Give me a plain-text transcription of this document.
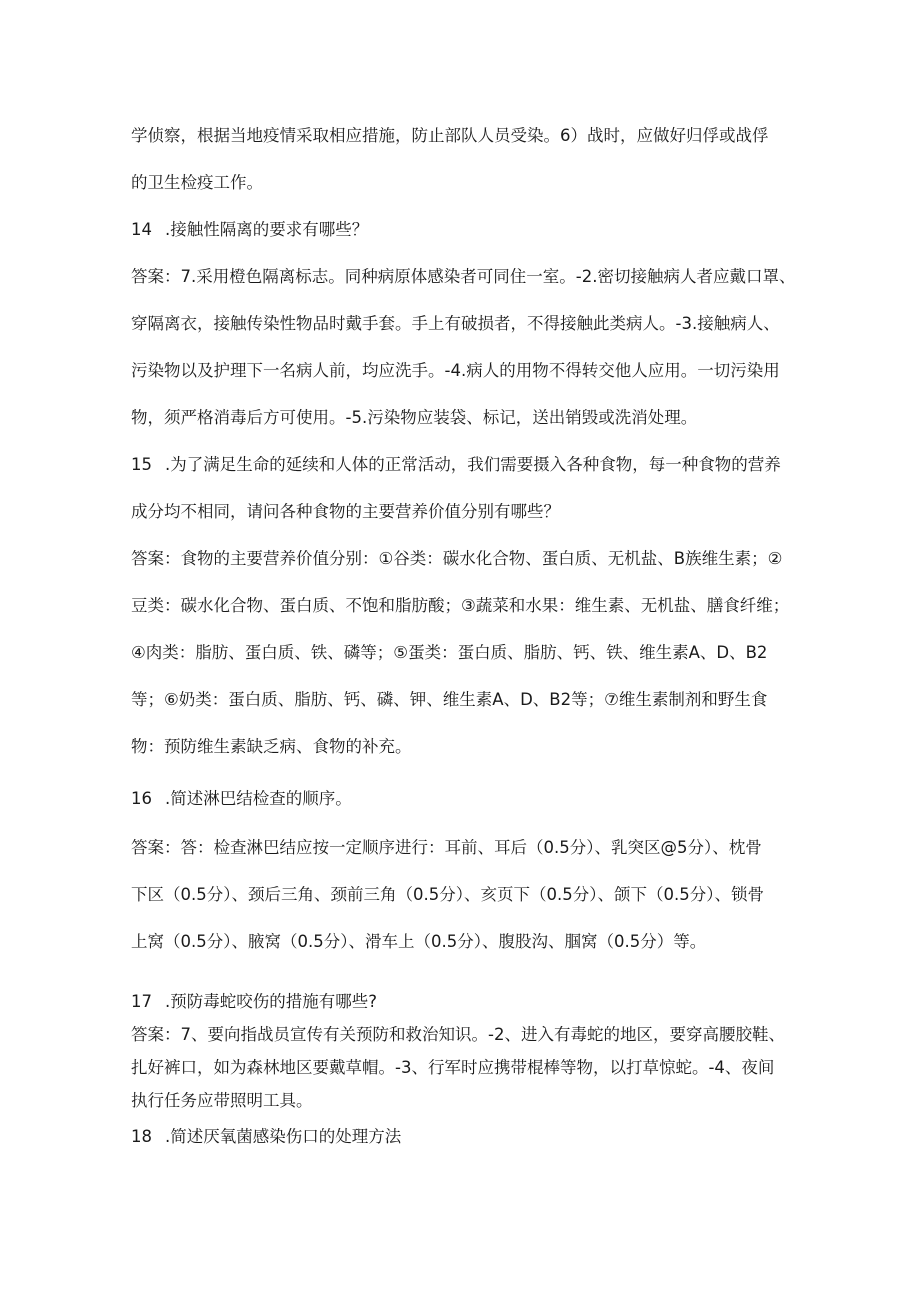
学侦察，根据当地疫情采取相应措施，防止部队人员受染。6）战时，应做好归俘或战俘
的卫生检疫工作。

14 .接触性隔离的要求有哪些？

答案：7.采用橙色隔离标志。同种病原体感染者可同住一室。-2.密切接触病人者应戴口罩、
穿隔离衣，接触传染性物品时戴手套。手上有破损者，不得接触此类病人。-3.接触病人、
污染物以及护理下一名病人前，均应洗手。-4.病人的用物不得转交他人应用。一切污染用
物，须严格消毒后方可使用。-5.污染物应装袋、标记，送出销毁或洗消处理。

15 .为了满足生命的延续和人体的正常活动，我们需要摄入各种食物，每一种食物的营养
成分均不相同，请问各种食物的主要营养价值分别有哪些？

答案：食物的主要营养价值分别：①谷类：碳水化合物、蛋白质、无机盐、B族维生素；②
豆类：碳水化合物、蛋白质、不饱和脂肪酸；③蔬菜和水果：维生素、无机盐、膳食纤维；
④肉类：脂肪、蛋白质、铁、磷等；⑤蛋类：蛋白质、脂肪、钙、铁、维生素A、D、B2
等；⑥奶类：蛋白质、脂肪、钙、磷、钾、维生素A、D、B2等；⑦维生素制剂和野生食
物：预防维生素缺乏病、食物的补充。

16 .简述淋巴结检查的顺序。

答案：答：检查淋巴结应按一定顺序进行：耳前、耳后（0.5分）、乳突区@5分）、枕骨
下区（0.5分）、颈后三角、颈前三角（0.5分）、亥页下（0.5分）、颌下（0.5分）、锁骨
上窝（0.5分）、腋窝（0.5分）、滑车上（0.5分）、腹股沟、腘窝（0.5分）等。

17 .预防毒蛇咬伤的措施有哪些?

答案：7、要向指战员宣传有关预防和救治知识。-2、进入有毒蛇的地区，要穿高腰胶鞋、
扎好裤口，如为森林地区要戴草帽。-3、行军时应携带棍棒等物，以打草惊蛇。-4、夜间
执行任务应带照明工具。

18 .简述厌氧菌感染伤口的处理方法
